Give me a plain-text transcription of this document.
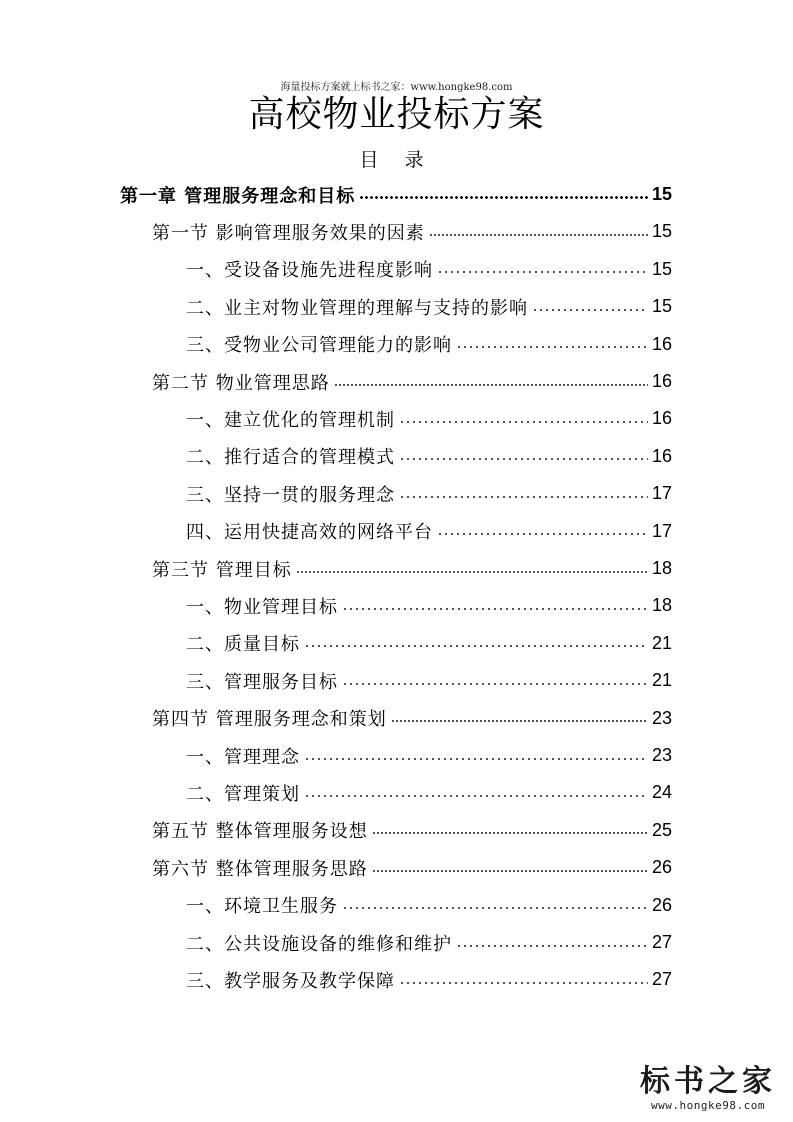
海量投标方案就上标书之家：www.hongke98.com
高校物业投标方案
目 录
第一章 管理服务理念和目标	15
第一节 影响管理服务效果的因素	15
一、受设备设施先进程度影响	15
二、业主对物业管理的理解与支持的影响	15
三、受物业公司管理能力的影响	16
第二节 物业管理思路	16
一、建立优化的管理机制	16
二、推行适合的管理模式	16
三、坚持一贯的服务理念	17
四、运用快捷高效的网络平台	17
第三节 管理目标	18
一、物业管理目标	18
二、质量目标	21
三、管理服务目标	21
第四节 管理服务理念和策划	23
一、管理理念	23
二、管理策划	24
第五节 整体管理服务设想	25
第六节 整体管理服务思路	26
一、环境卫生服务	26
二、公共设施设备的维修和维护	27
三、教学服务及教学保障	27
标书之家
www.hongke98.com
